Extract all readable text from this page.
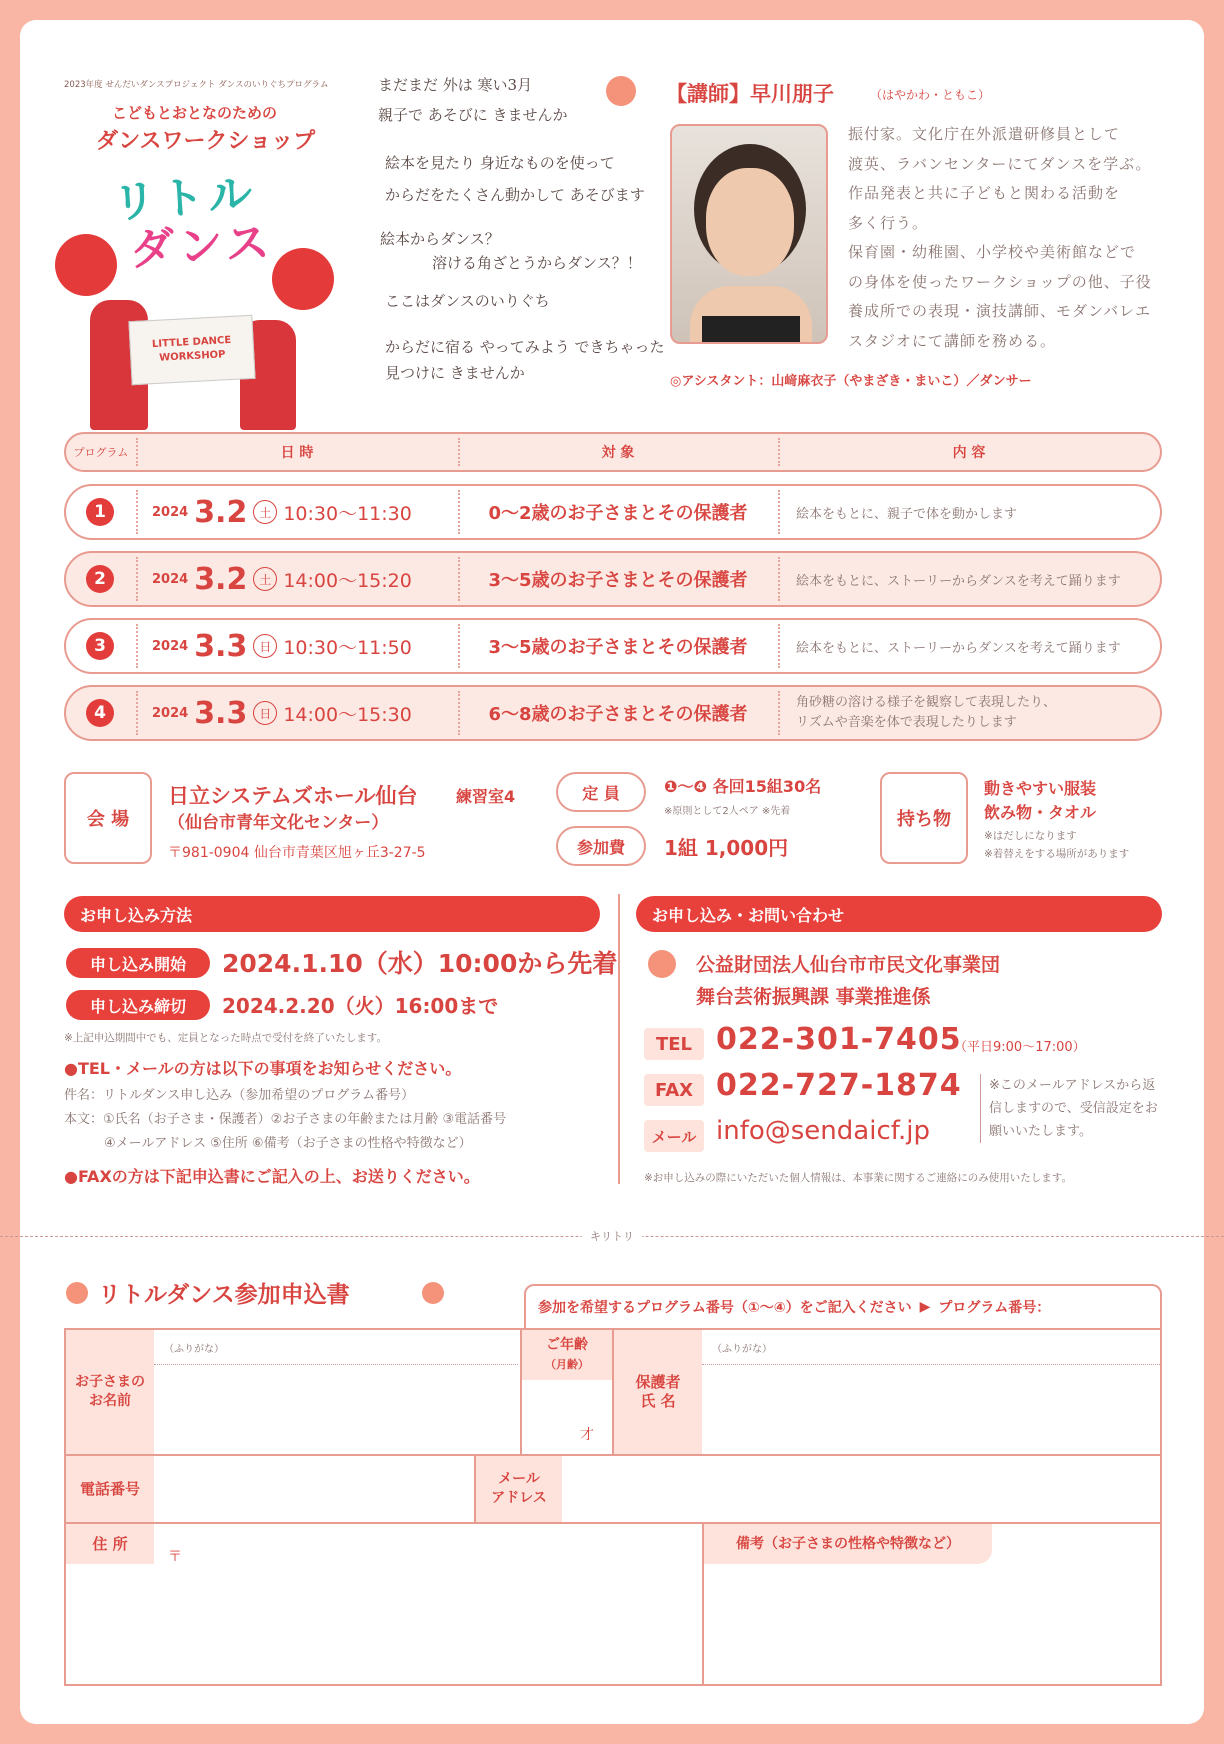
2023年度 せんだいダンスプロジェクト ダンスのいりぐちプログラム
こどもとおとなのための
ダンスワークショップ
リトル
ダンス
LITTLE DANCE WORKSHOP
まだまだ 外は 寒い3月
親子で あそびに きませんか
絵本を見たり 身近なものを使って
からだをたくさん動かして あそびます
絵本からダンス？
溶ける角ざとうからダンス？！
ここはダンスのいりぐち
からだに宿る やってみよう できちゃった
見つけに きませんか
【講師】早川朋子	（はやかわ・ともこ）
振付家。文化庁在外派遣研修員として
渡英、ラバンセンターにてダンスを学ぶ。
作品発表と共に子どもと関わる活動を
多く行う。
保育園・幼稚園、小学校や美術館などで
の身体を使ったワークショップの他、子役
養成所での表現・演技講師、モダンバレエ
スタジオにて講師を務める。
◎アシスタント：山﨑麻衣子（やまざき・まいこ）／ダンサー
プログラム	日 時	対 象	内 容
1	2024 3.2 土 10:30〜11:30	0〜2歳のお子さまとその保護者	絵本をもとに、親子で体を動かします
2	2024 3.2 土 14:00〜15:20	3〜5歳のお子さまとその保護者	絵本をもとに、ストーリーからダンスを考えて踊ります
3	2024 3.3 日 10:30〜11:50	3〜5歳のお子さまとその保護者	絵本をもとに、ストーリーからダンスを考えて踊ります
4	2024 3.3 日 14:00〜15:30	6〜8歳のお子さまとその保護者
角砂糖の溶ける様子を観察して表現したり、
リズムや音楽を体で表現したりします
会 場
日立システムズホール仙台 練習室4
（仙台市青年文化センター）
〒981-0904 仙台市青葉区旭ヶ丘3-27-5
定 員	❶〜❹ 各回15組30名
※原則として2人ペア ※先着
参加費	1組 1,000円
持ち物
動きやすい服装
飲み物・タオル
※はだしになります
※着替えをする場所があります
お申し込み方法
申し込み開始	2024.1.10（水）10:00から先着
申し込み締切	2024.2.20（火）16:00まで
※上記申込期間中でも、定員となった時点で受付を終了いたします。
●TEL・メールの方は以下の事項をお知らせください。
件名：リトルダンス申し込み（参加希望のプログラム番号）
本文：①氏名（お子さま・保護者）②お子さまの年齢または月齢 ③電話番号
④メールアドレス ⑤住所 ⑥備考（お子さまの性格や特徴など）
●FAXの方は下記申込書にご記入の上、お送りください。
お申し込み・お問い合わせ
公益財団法人仙台市市民文化事業団
舞台芸術振興課 事業推進係
TEL 022-301-7405
（平日9:00〜17:00）
FAX 022-727-1874
メール info@sendaicf.jp
※このメールアドレスから返信しますので、受信設定をお願いいたします。
※お申し込みの際にいただいた個人情報は、本事業に関するご連絡にのみ使用いたします。
キリトリ
リトルダンス参加申込書	参加を希望するプログラム番号（①〜④）をご記入ください ▶ プログラム番号：
お子さまの
お名前
（ふりがな）	ご年齢
（月齢）
才
保護者
氏 名
（ふりがな）
電話番号
メール
アドレス
住 所
〒
備考（お子さまの性格や特徴など）
